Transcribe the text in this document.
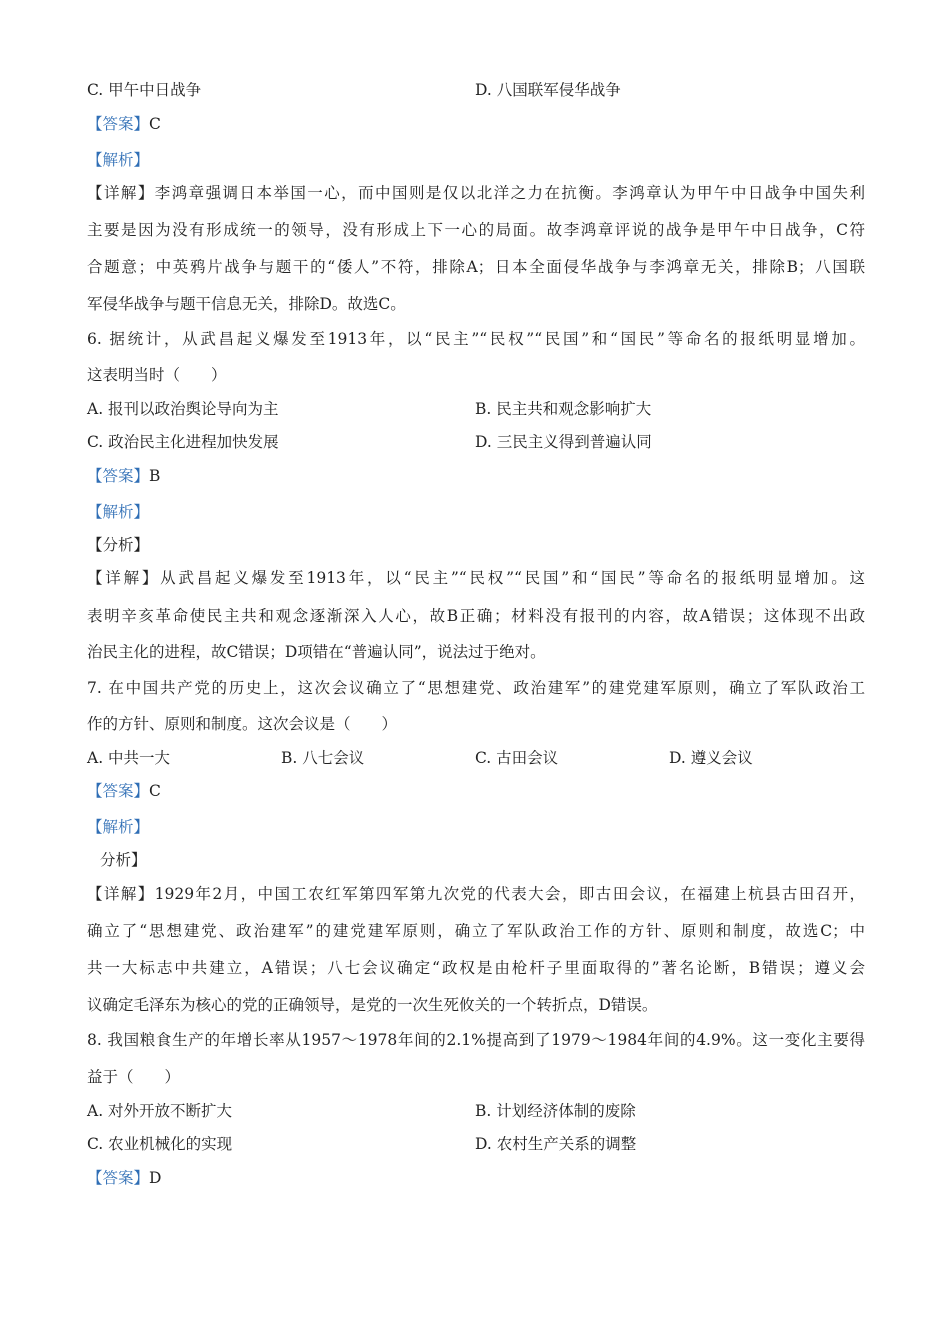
C. 甲午中日战争	D. 八国联军侵华战争
【答案】C
【解析】
【详解】李鸿章强调日本举国一心，而中国则是仅以北洋之力在抗衡。李鸿章认为甲午中日战争中国失利
主要是因为没有形成统一的领导，没有形成上下一心的局面。故李鸿章评说的战争是甲午中日战争，C符
合题意；中英鸦片战争与题干的“倭人”不符，排除A；日本全面侵华战争与李鸿章无关，排除B；八国联
军侵华战争与题干信息无关，排除D。故选C。
6. 据统计，从武昌起义爆发至1913年，以“民主”“民权”“民国”和“国民”等命名的报纸明显增加。
这表明当时（　　）
A. 报刊以政治舆论导向为主	B. 民主共和观念影响扩大
C. 政治民主化进程加快发展	D. 三民主义得到普遍认同
【答案】B
【解析】
【分析】
【详解】从武昌起义爆发至1913年，以“民主”“民权”“民国”和“国民”等命名的报纸明显增加。这
表明辛亥革命使民主共和观念逐渐深入人心，故B正确；材料没有报刊的内容，故A错误；这体现不出政
治民主化的进程，故C错误；D项错在“普遍认同”，说法过于绝对。
7. 在中国共产党的历史上，这次会议确立了“思想建党、政治建军”的建党建军原则，确立了军队政治工
作的方针、原则和制度。这次会议是（　　）
A. 中共一大	B. 八七会议	C. 古田会议	D. 遵义会议
【答案】C
【解析】
分析】
【详解】1929年2月，中国工农红军第四军第九次党的代表大会，即古田会议，在福建上杭县古田召开，
确立了“思想建党、政治建军”的建党建军原则，确立了军队政治工作的方针、原则和制度，故选C；中
共一大标志中共建立，A错误；八七会议确定“政权是由枪杆子里面取得的”著名论断，B错误；遵义会
议确定毛泽东为核心的党的正确领导，是党的一次生死攸关的一个转折点，D错误。
8. 我国粮食生产的年增长率从1957～1978年间的2.1%提高到了1979～1984年间的4.9%。这一变化主要得
益于（　　）
A. 对外开放不断扩大	B. 计划经济体制的废除
C. 农业机械化的实现	D. 农村生产关系的调整
【答案】D
